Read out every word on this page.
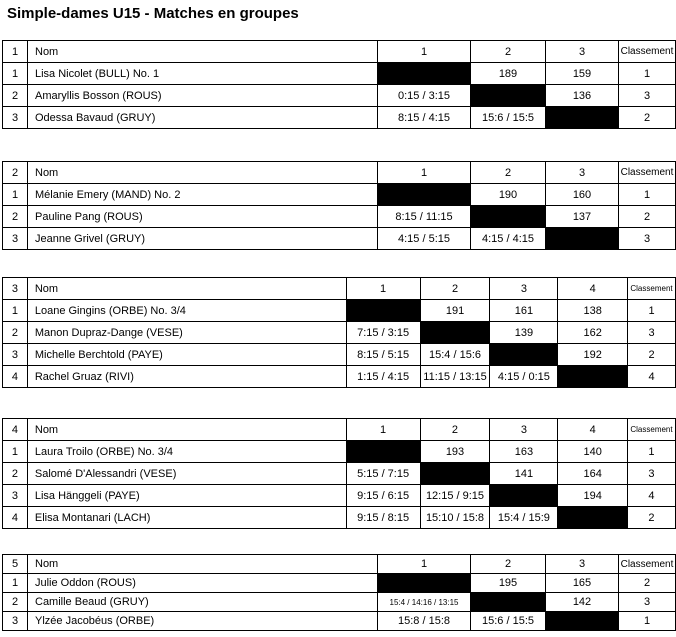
Simple-dames U15 - Matches en groupes
1	Nom	1	2	3	Classement
1	Lisa Nicolet (BULL) No. 1		189	159	1
2	Amaryllis Bosson (ROUS)	0:15 / 3:15		136	3
3	Odessa Bavaud (GRUY)	8:15 / 4:15	15:6 / 15:5		2
2	Nom	1	2	3	Classement
1	Mélanie Emery (MAND) No. 2		190	160	1
2	Pauline Pang (ROUS)	8:15 / 11:15		137	2
3	Jeanne Grivel (GRUY)	4:15 / 5:15	4:15 / 4:15		3
3	Nom	1	2	3	4	Classement
1	Loane Gingins (ORBE) No. 3/4		191	161	138	1
2	Manon Dupraz-Dange (VESE)	7:15 / 3:15		139	162	3
3	Michelle Berchtold (PAYE)	8:15 / 5:15	15:4 / 15:6		192	2
4	Rachel Gruaz (RIVI)	1:15 / 4:15	11:15 / 13:15	4:15 / 0:15		4
4	Nom	1	2	3	4	Classement
1	Laura Troilo (ORBE) No. 3/4		193	163	140	1
2	Salomé D'Alessandri (VESE)	5:15 / 7:15		141	164	3
3	Lisa Hänggeli (PAYE)	9:15 / 6:15	12:15 / 9:15		194	4
4	Elisa Montanari (LACH)	9:15 / 8:15	15:10 / 15:8	15:4 / 15:9		2
5	Nom	1	2	3	Classement
1	Julie Oddon (ROUS)		195	165	2
2	Camille Beaud (GRUY)	15:4 / 14:16 / 13:15		142	3
3	Ylzée Jacobéus (ORBE)	15:8 / 15:8	15:6 / 15:5		1
